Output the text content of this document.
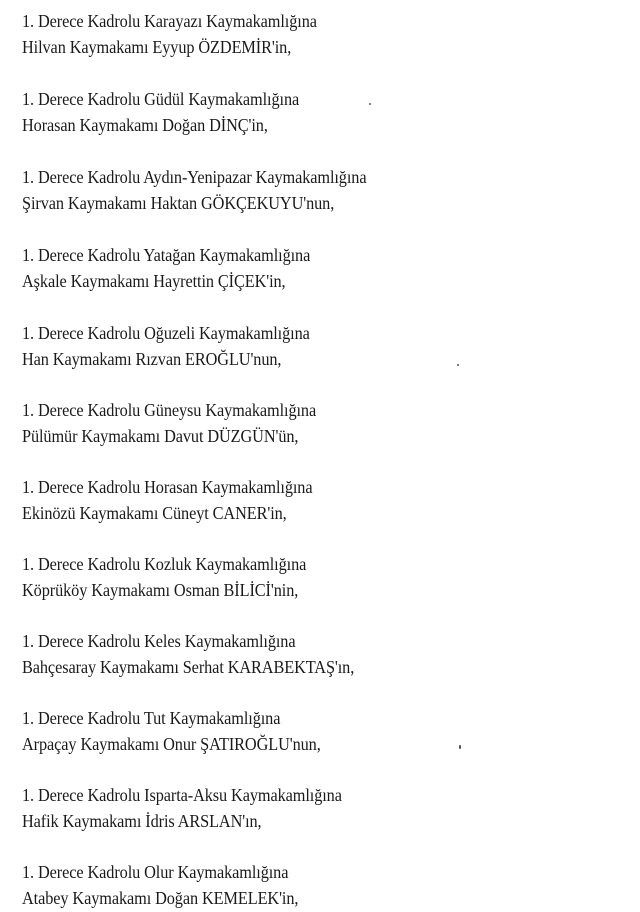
1. Derece Kadrolu Karayazı Kaymakamlığına
Hilvan Kaymakamı Eyyup ÖZDEMİR'in,
1. Derece Kadrolu Güdül Kaymakamlığına
Horasan Kaymakamı Doğan DİNÇ'in,
1. Derece Kadrolu Aydın-Yenipazar Kaymakamlığına
Şirvan Kaymakamı Haktan GÖKÇEKUYU'nun,
1. Derece Kadrolu Yatağan Kaymakamlığına
Aşkale Kaymakamı Hayrettin ÇİÇEK'in,
1. Derece Kadrolu Oğuzeli Kaymakamlığına
Han Kaymakamı Rızvan EROĞLU'nun,
1. Derece Kadrolu Güneysu Kaymakamlığına
Pülümür Kaymakamı Davut DÜZGÜN'ün,
1. Derece Kadrolu Horasan Kaymakamlığına
Ekinözü Kaymakamı Cüneyt CANER'in,
1. Derece Kadrolu Kozluk Kaymakamlığına
Köprüköy Kaymakamı Osman BİLİCİ'nin,
1. Derece Kadrolu Keles Kaymakamlığına
Bahçesaray Kaymakamı Serhat KARABEKTAŞ'ın,
1. Derece Kadrolu Tut Kaymakamlığına
Arpaçay Kaymakamı Onur ŞATIROĞLU'nun,
1. Derece Kadrolu Isparta-Aksu Kaymakamlığına
Hafik Kaymakamı İdris ARSLAN'ın,
1. Derece Kadrolu Olur Kaymakamlığına
Atabey Kaymakamı Doğan KEMELEK'in,
